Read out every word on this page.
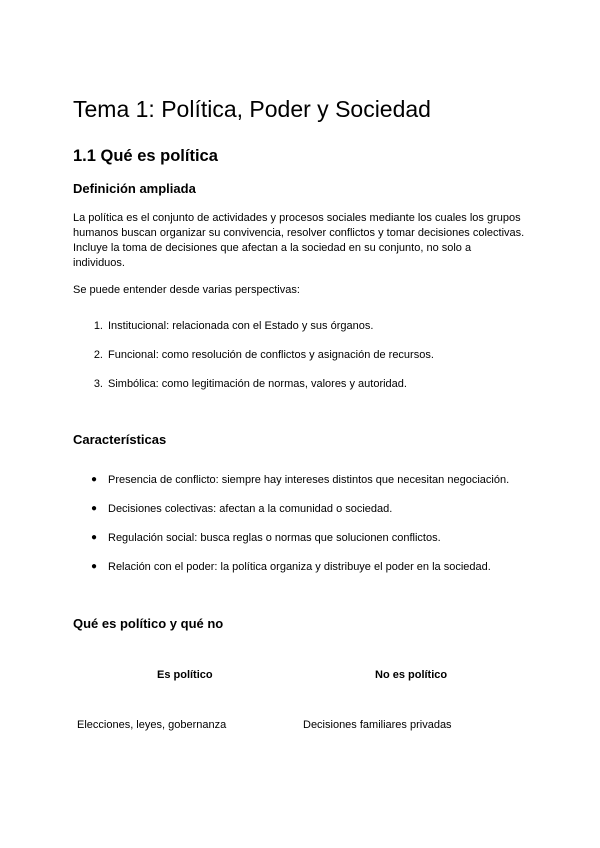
Tema 1: Política, Poder y Sociedad
1.1 Qué es política
Definición ampliada
La política es el conjunto de actividades y procesos sociales mediante los cuales los grupos
humanos buscan organizar su convivencia, resolver conflictos y tomar decisiones colectivas.
Incluye la toma de decisiones que afectan a la sociedad en su conjunto, no solo a
individuos.

Se puede entender desde varias perspectivas:

1. Institucional: relacionada con el Estado y sus órganos.
2. Funcional: como resolución de conflictos y asignación de recursos.
3. Simbólica: como legitimación de normas, valores y autoridad.
Características
● Presencia de conflicto: siempre hay intereses distintos que necesitan negociación.
● Decisiones colectivas: afectan a la comunidad o sociedad.
● Regulación social: busca reglas o normas que solucionen conflictos.
● Relación con el poder: la política organiza y distribuye el poder en la sociedad.
Qué es político y qué no
Es político	No es político
Elecciones, leyes, gobernanza	Decisiones familiares privadas
